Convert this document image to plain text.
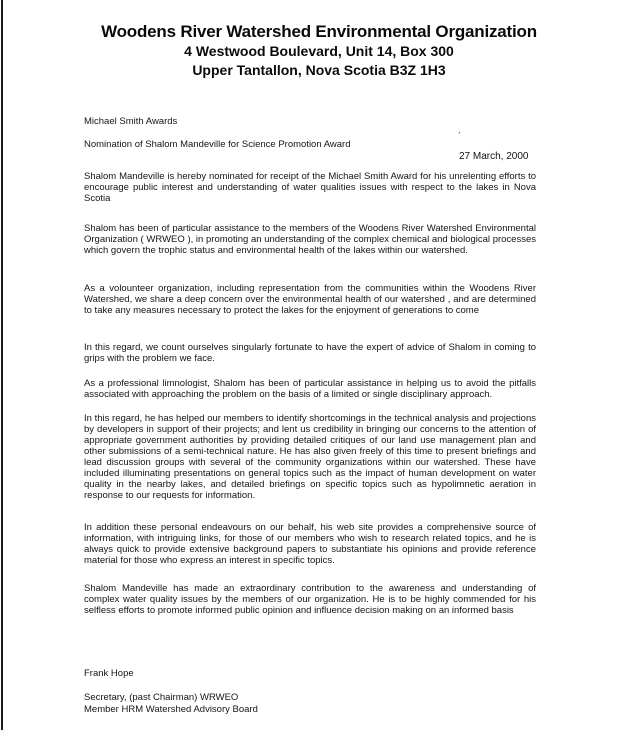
Woodens River Watershed Environmental Organization
4 Westwood Boulevard, Unit 14, Box 300
Upper Tantallon, Nova Scotia B3Z 1H3
Michael Smith Awards
Nomination of Shalom Mandeville for Science Promotion Award
`
27 March, 2000
Shalom Mandeville is hereby nominated for receipt of the Michael Smith Award for his unrelenting efforts to encourage public interest and understanding of water qualities issues with respect to the lakes in Nova Scotia
Shalom has been of particular assistance to the members of the Woodens River Watershed Environmental Organization ( WRWEO ), in promoting an understanding of the complex chemical and biological processes which govern the trophic status and environmental health of the lakes within our watershed.
As a volounteer organization, including representation from the communities within the Woodens River Watershed, we share a deep concern over the environmental health of our watershed , and are determined to take any measures necessary to protect the lakes for the enjoyment of generations to come
In this regard, we count ourselves singularly fortunate to have the expert of advice of Shalom in coming to grips with the problem we face.
As a professional limnologist, Shalom has been of particular assistance in helping us to avoid the pitfalls associated with approaching the problem on the basis of a limited or single disciplinary approach.
In this regard, he has helped our members to identify shortcomings in the technical analysis and projections by developers in support of their projects; and lent us credibility in bringing our concerns to the attention of appropriate government authorities by providing detailed critiques of our land use management plan and other submissions of a semi-technical nature. He has also given freely of this time to present briefings and lead discussion groups with several of the community organizations within our watershed. These have included illuminating presentations on general topics such as the impact of human development on water quality in the nearby lakes, and detailed briefings on specific topics such as hypolimnetic aeration in response to our requests for information.
In addition these personal endeavours on our behalf, his web site provides a comprehensive source of information, with intriguing links, for those of our members who wish to research related topics, and he is always quick to provide extensive background papers to substantiate his opinions and provide reference material for those who express an interest in specific topics.
Shalom Mandeville has made an extraordinary contribution to the awareness and understanding of complex water quality issues by the members of our organization. He is to be highly commended for his selfless efforts to promote informed public opinion and influence decision making on an informed basis
Frank Hope
Secretary, (past Chairman) WRWEO
Member HRM Watershed Advisory Board
